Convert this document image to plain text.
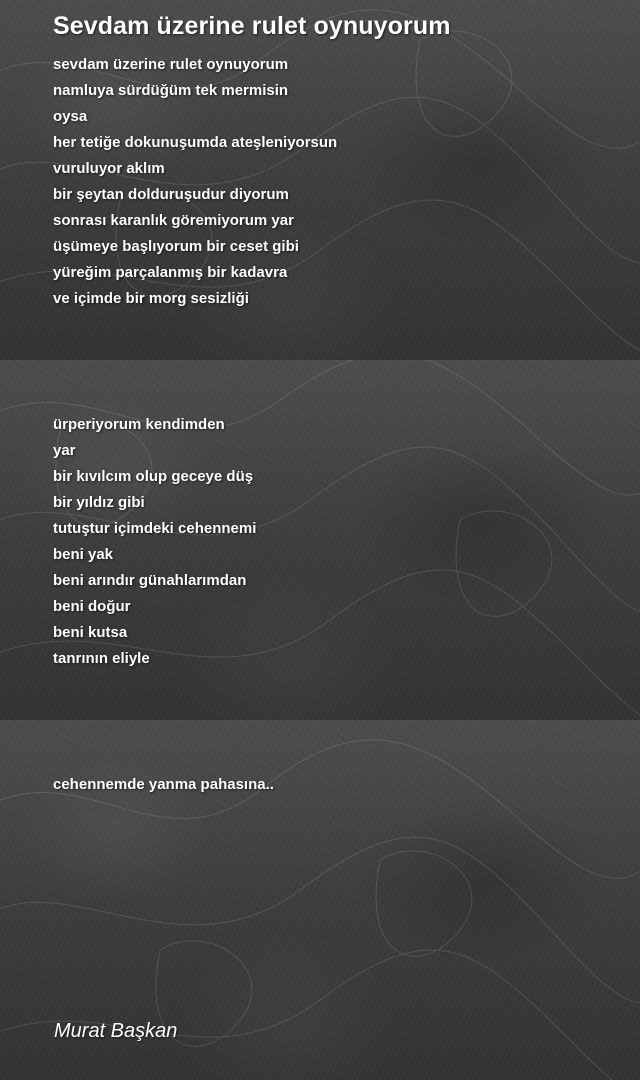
Sevdam üzerine rulet oynuyorum
sevdam üzerine rulet oynuyorum
namluya sürdüğüm tek mermisin
oysa
her tetiğe dokunuşumda ateşleniyorsun
vuruluyor aklım
bir şeytan dolduruşudur diyorum
sonrası karanlık göremiyorum yar
üşümeye başlıyorum bir ceset gibi
yüreğim parçalanmış bir kadavra
ve içimde bir morg sesizliği
ürperiyorum kendimden
yar
bir kıvılcım olup geceye düş
bir yıldız gibi
tutuştur içimdeki cehennemi
beni yak
beni arındır günahlarımdan
beni doğur
beni kutsa
tanrının eliyle
cehennemde yanma pahasına..
Murat Başkan
